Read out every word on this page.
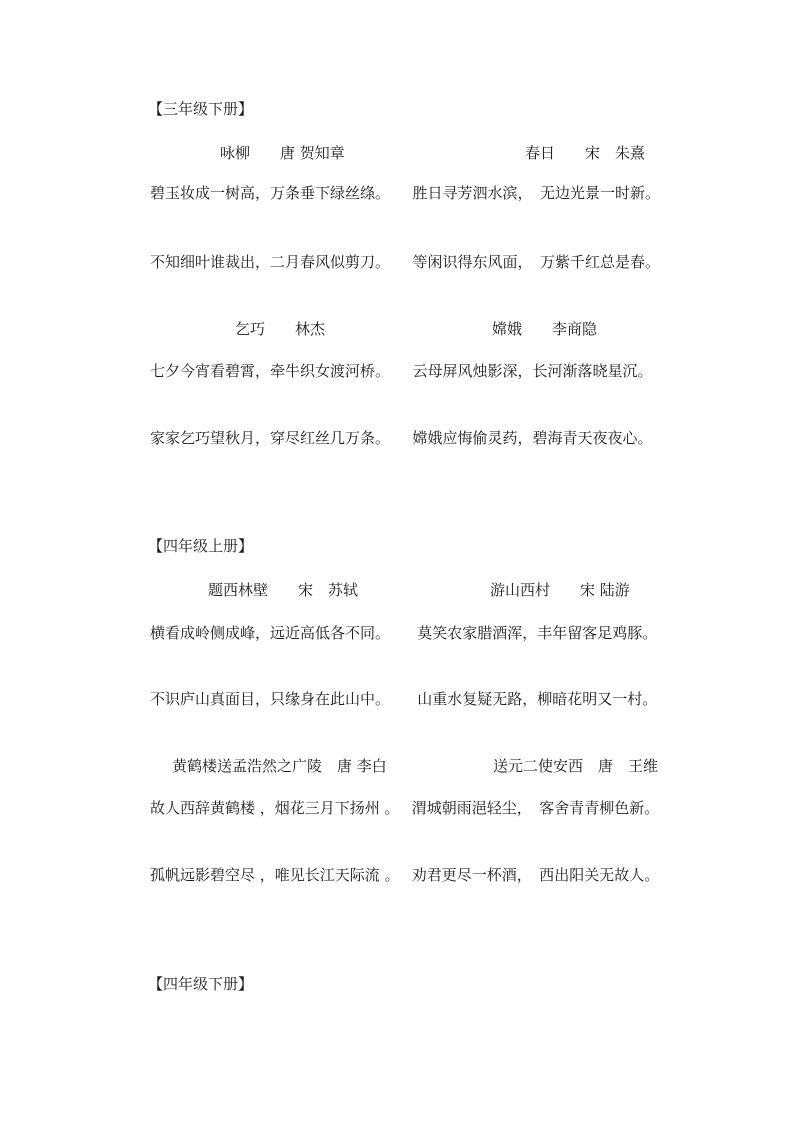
【三年级下册】
咏柳　　唐 贺知章	春日　　宋　朱熹

碧玉妆成一树高，万条垂下绿丝绦。　　胜日寻芳泗水滨，　无边光景一时新。

不知细叶谁裁出，二月春风似剪刀。　　等闲识得东风面，　万紫千红总是春。

乞巧　　林杰	嫦娥　　李商隐

七夕今宵看碧霄，牵牛织女渡河桥。　　云母屏风烛影深，长河渐落晓星沉。

家家乞巧望秋月，穿尽红丝几万条。　　嫦娥应悔偷灵药，碧海青天夜夜心。

【四年级上册】
题西林壁　　宋　苏轼	游山西村　　宋 陆游

横看成岭侧成峰，远近高低各不同。　　 莫笑农家腊酒浑，丰年留客足鸡豚。

不识庐山真面目，只缘身在此山中。　　 山重水复疑无路，柳暗花明又一村。

黄鹤楼送孟浩然之广陵　唐 李白	送元二使安西　唐　王维

故人西辞黄鹤楼 ，烟花三月下扬州 。　 渭城朝雨浥轻尘，　客舍青青柳色新。

孤帆远影碧空尽 ，唯见长江天际流 。　 劝君更尽一杯酒，　西出阳关无故人。

【四年级下册】
